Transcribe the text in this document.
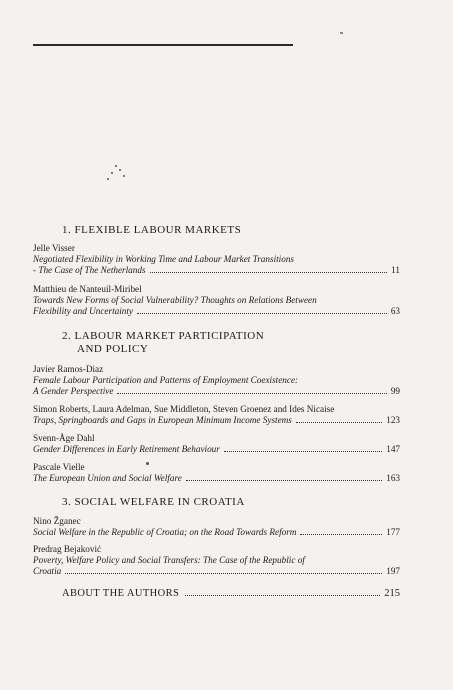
1. FLEXIBLE LABOUR MARKETS
Jelle Visser
Negotiated Flexibility in Working Time and Labour Market Transitions
- The Case of The Netherlands	11
Matthieu de Nanteuil-Miribel
Towards New Forms of Social Vulnerability? Thoughts on Relations Between
Flexibility and Uncertainty	63
2. LABOUR MARKET PARTICIPATION
AND POLICY
Javier Ramos-Diaz
Female Labour Participation and Patterns of Employment Coexistence:
A Gender Perspective	99
Simon Roberts, Laura Adelman, Sue Middleton, Steven Groenez and Ides Nicaise
Traps, Springboards and Gaps in European Minimum Income Systems	123
Svenn-Åge Dahl
Gender Differences in Early Retirement Behaviour	147
Pascale Vielle
The European Union and Social Welfare	163
3. SOCIAL WELFARE IN CROATIA
Nino Žganec
Social Welfare in the Republic of Croatia; on the Road Towards Reform	177
Predrag Bejaković
Poverty, Welfare Policy and Social Transfers: The Case of the Republic of
Croatia	197
ABOUT THE AUTHORS	215
